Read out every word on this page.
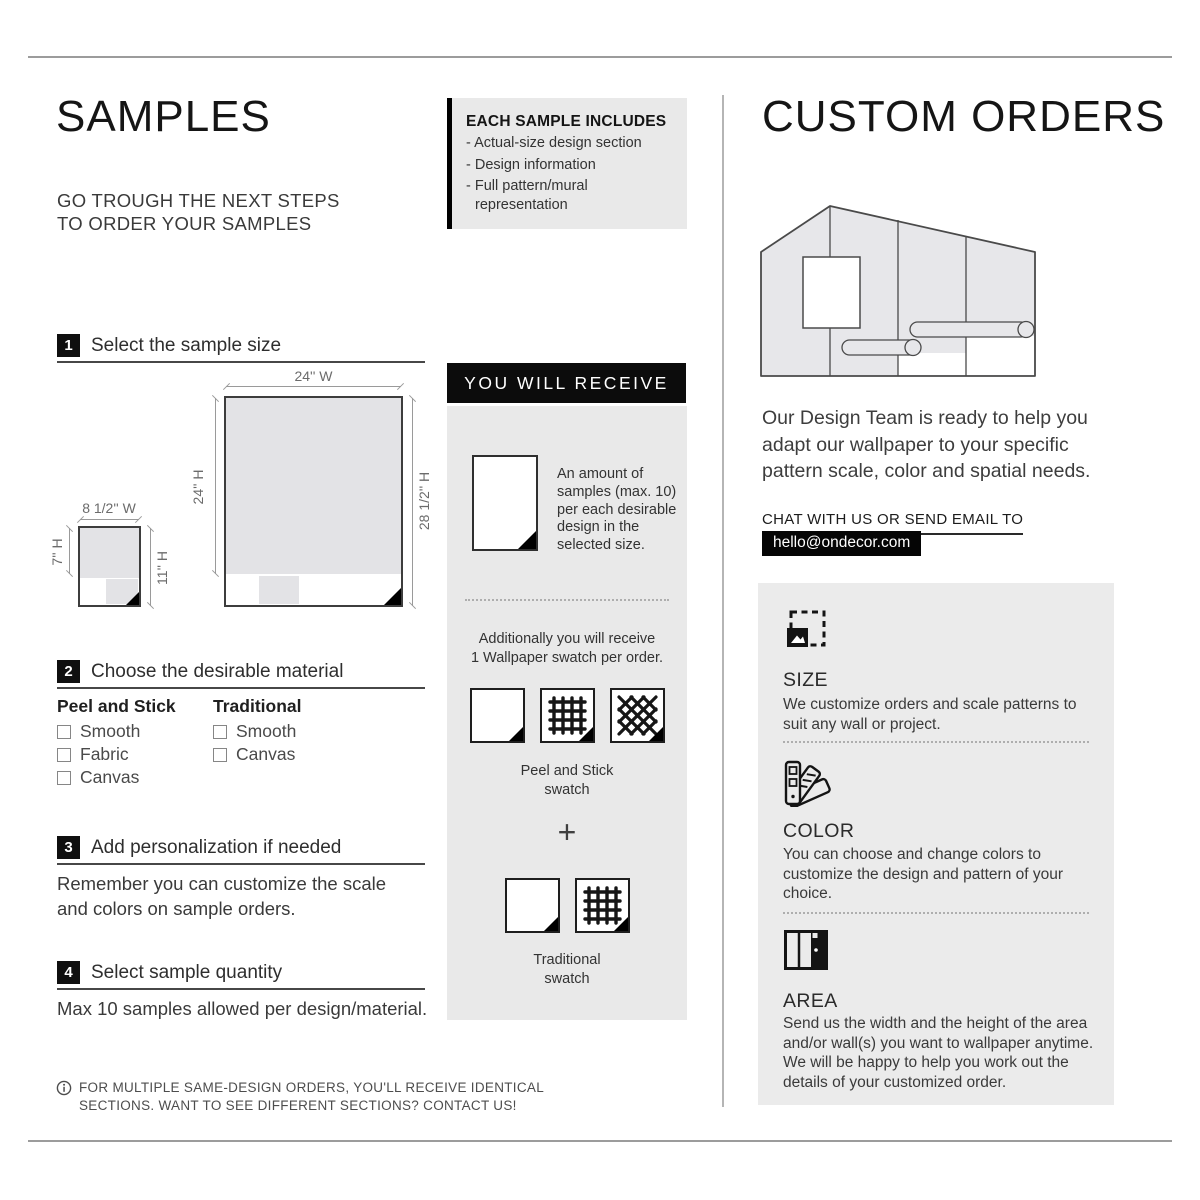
SAMPLES
GO TROUGH THE NEXT STEPS
TO ORDER YOUR SAMPLES
1 Select the sample size
8 1/2'' W
7'' H	11'' H
24'' W
24'' H	28 1/2'' H
2 Choose the desirable material
Peel and Stick Traditional
Smooth
Fabric
Canvas
Smooth
Canvas
3 Add personalization if needed
Remember you can customize the scale
and colors on sample orders.
4 Select sample quantity
Max 10 samples allowed per design/material.
FOR MULTIPLE SAME-DESIGN ORDERS, YOU'LL RECEIVE IDENTICAL
SECTIONS. WANT TO SEE DIFFERENT SECTIONS? CONTACT US!
EACH SAMPLE INCLUDES
- Actual-size design section
- Design information
- Full pattern/mural representation
YOU WILL RECEIVE
An amount of samples (max. 10) per each desirable design in the selected size.
Additionally you will receive
1 Wallpaper swatch per order.
Peel and Stick
swatch
+
Traditional
swatch
CUSTOM ORDERS
Our Design Team is ready to help you adapt our wallpaper to your specific pattern scale, color and spatial needs.
CHAT WITH US OR SEND EMAIL TO
hello@ondecor.com
SIZE
We customize orders and scale patterns to suit any wall or project.
COLOR
You can choose and change colors to customize the design and pattern of your choice.
AREA
Send us the width and the height of the area and/or wall(s) you want to wallpaper anytime. We will be happy to help you work out the details of your customized order.
